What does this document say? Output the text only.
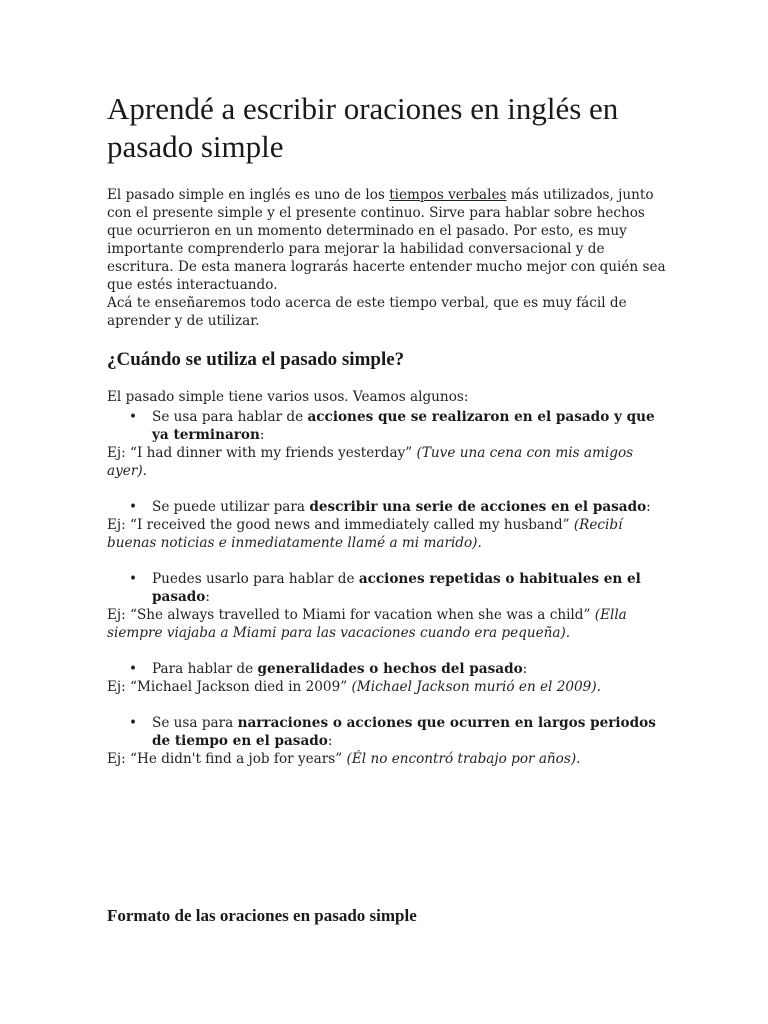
Aprendé a escribir oraciones en inglés en pasado simple

El pasado simple en inglés es uno de los tiempos verbales más utilizados, junto con el presente simple y el presente continuo. Sirve para hablar sobre hechos que ocurrieron en un momento determinado en el pasado. Por esto, es muy importante comprenderlo para mejorar la habilidad conversacional y de escritura. De esta manera lograrás hacerte entender mucho mejor con quién sea que estés interactuando.

Acá te enseñaremos todo acerca de este tiempo verbal, que es muy fácil de aprender y de utilizar.

¿Cuándo se utiliza el pasado simple?

El pasado simple tiene varios usos. Veamos algunos:

• Se usa para hablar de acciones que se realizaron en el pasado y que ya terminaron:

Ej: “I had dinner with my friends yesterday” (Tuve una cena con mis amigos ayer).

• Se puede utilizar para describir una serie de acciones en el pasado:

Ej: “I received the good news and immediately called my husband” (Recibí buenas noticias e inmediatamente llamé a mi marido).

• Puedes usarlo para hablar de acciones repetidas o habituales en el pasado:

Ej: “She always travelled to Miami for vacation when she was a child” (Ella siempre viajaba a Miami para las vacaciones cuando era pequeña).

• Para hablar de generalidades o hechos del pasado:

Ej: “Michael Jackson died in 2009” (Michael Jackson murió en el 2009).

• Se usa para narraciones o acciones que ocurren en largos periodos de tiempo en el pasado:

Ej: “He didn't find a job for years” (Él no encontró trabajo por años).

Formato de las oraciones en pasado simple
